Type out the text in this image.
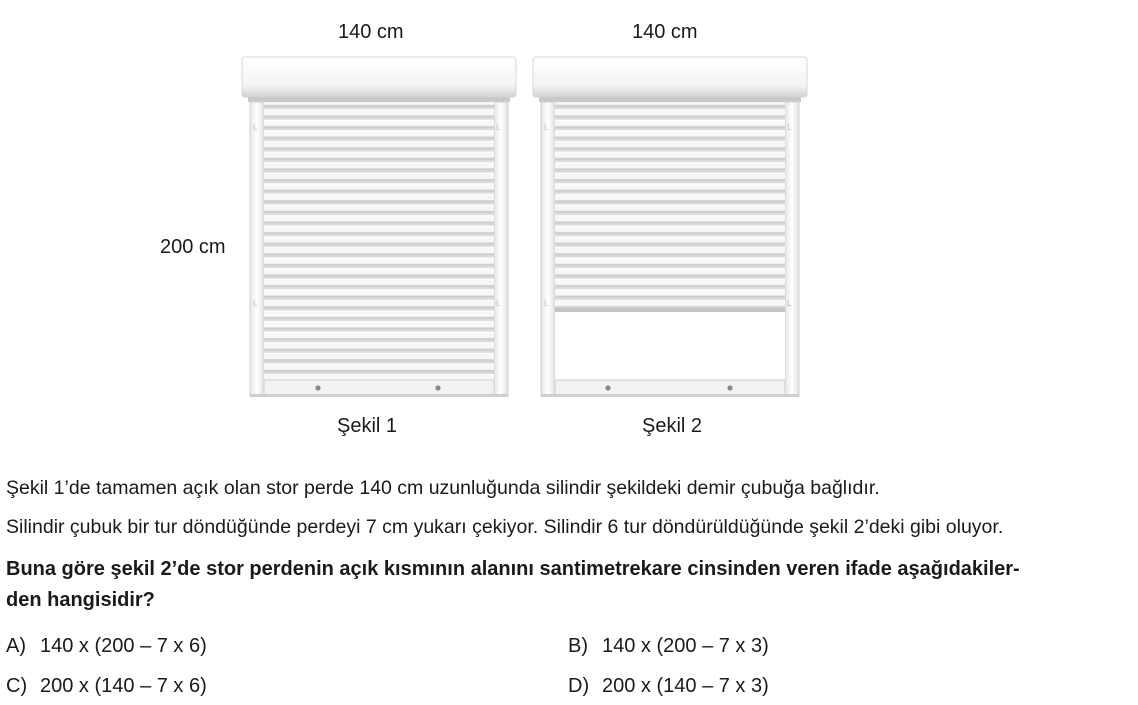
140 cm	140 cm
200 cm
L	L
L	L
L	L
L	L
Şekil 1	Şekil 2
Şekil 1’de tamamen açık olan stor perde 140 cm uzunluğunda silindir şekildeki demir çubuğa bağlıdır.
Silindir çubuk bir tur döndüğünde perdeyi 7 cm yukarı çekiyor. Silindir 6 tur döndürüldüğünde şekil 2’deki gibi oluyor.
Buna göre şekil 2’de stor perdenin açık kısmının alanını santimetrekare cinsinden veren ifade aşağıdakiler-
den hangisidir?
A) 140 x (200 – 7 x 6)	B) 140 x (200 – 7 x 3)
C) 200 x (140 – 7 x 6)	D) 200 x (140 – 7 x 3)
